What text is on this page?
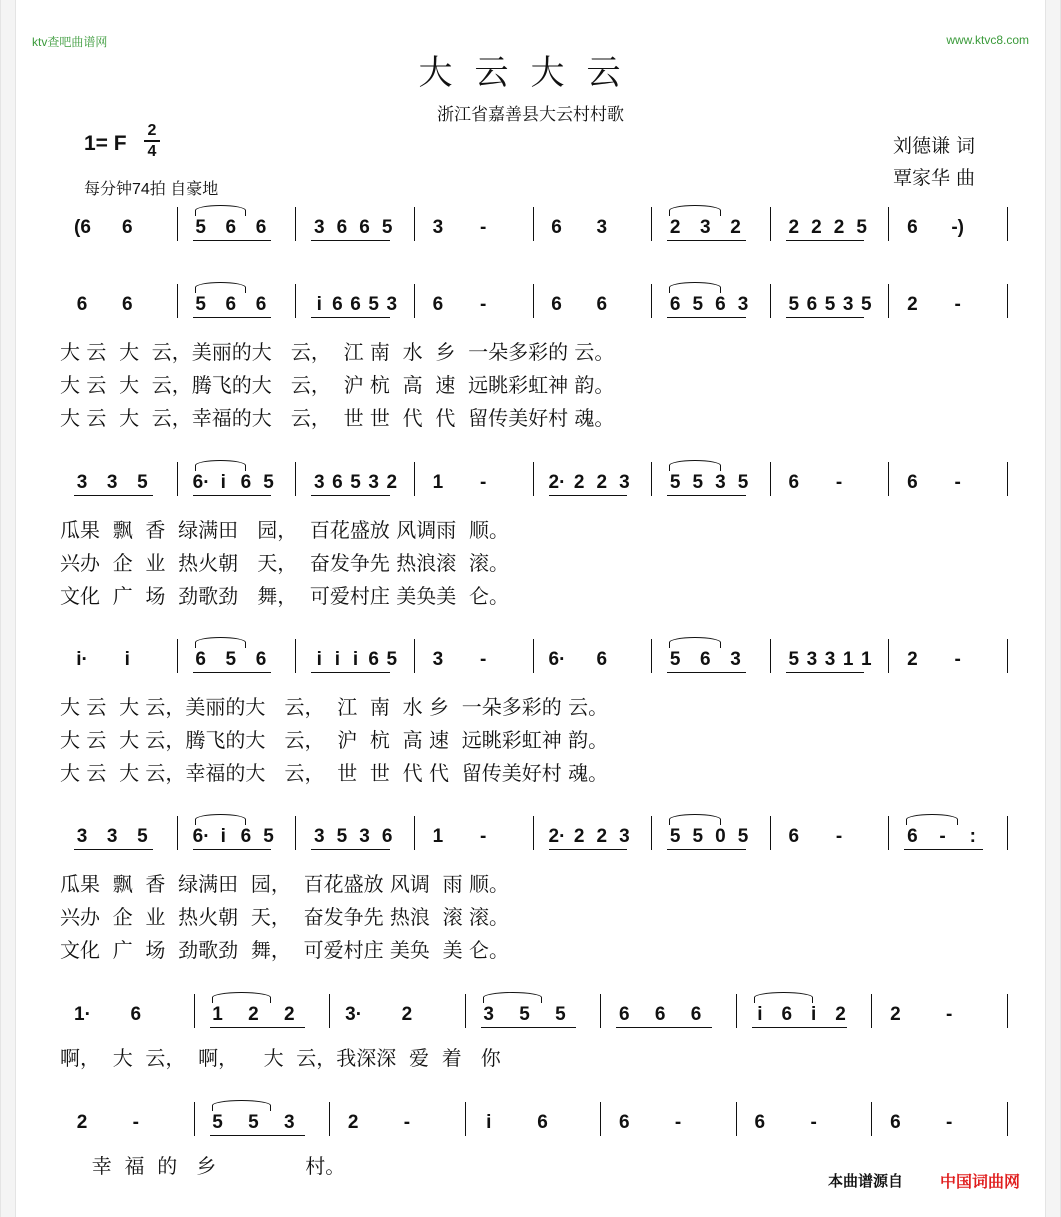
ktv查吧曲谱网	www.ktvc8.com
大云大云
浙江省嘉善县大云村村歌
1= F
2
4
每分钟74拍 自豪地
刘德谦 词
覃家华 曲
(6 6	5 6 6	3 6 6 5 3 -	6 3	2 3 2	2 2 2 5 6 -)
6 6	5 6 6	i 6 6 5 3 6 -	6 6	6 5 6 3 5 6 5 3 5 2 -
大 云  大  云，美丽的大   云，  江 南  水  乡  一朵多彩的 云。
大 云  大  云，腾飞的大   云，  沪 杭  高  速  远眺彩虹神 韵。
大 云  大  云，幸福的大   云，  世 世  代  代  留传美好村 魂。
3 3 5 6· i 6 5 3 6 5 3 2 1 -	2· 2 2 3 5 5 3 5 6 -	6 -
瓜果  飘  香  绿满田   园，  百花盛放 风调雨  顺。
兴办  企  业  热火朝   天，  奋发争先 热浪滚  滚。
文化  广  场  劲歌劲   舞，  可爱村庄 美奂美  仑。
i· i	6 5 6	i i i 6 5 3 -	6· 6	5 6 3	5 3 3 1 1 2 -
大 云  大 云，美丽的大   云，  江  南  水 乡  一朵多彩的 云。
大 云  大 云，腾飞的大   云，  沪  杭  高 速  远眺彩虹神 韵。
大 云  大 云，幸福的大   云，  世  世  代 代  留传美好村 魂。
3 3 5 6· i 6 5 3 5 3 6 1 -	2· 2 2 3 5 5 0 5 6 -	6 - :
瓜果  飘  香  绿满田  园，  百花盛放 风调  雨 顺。
兴办  企  业  热火朝  天，  奋发争先 热浪  滚 滚。
文化  广  场  劲歌劲  舞，  可爱村庄 美奂  美 仑。
1· 6	1 2 2	3· 2	3 5 5	6 6 6	i 6 i 2 2 -
啊，  大  云，  啊，    大  云，我深深  爱  着   你
2 -	5 5 3	2 -	i 6	6 -	6 -	6 -
幸  福  的   乡              村。
本曲谱源自 中国词曲网
